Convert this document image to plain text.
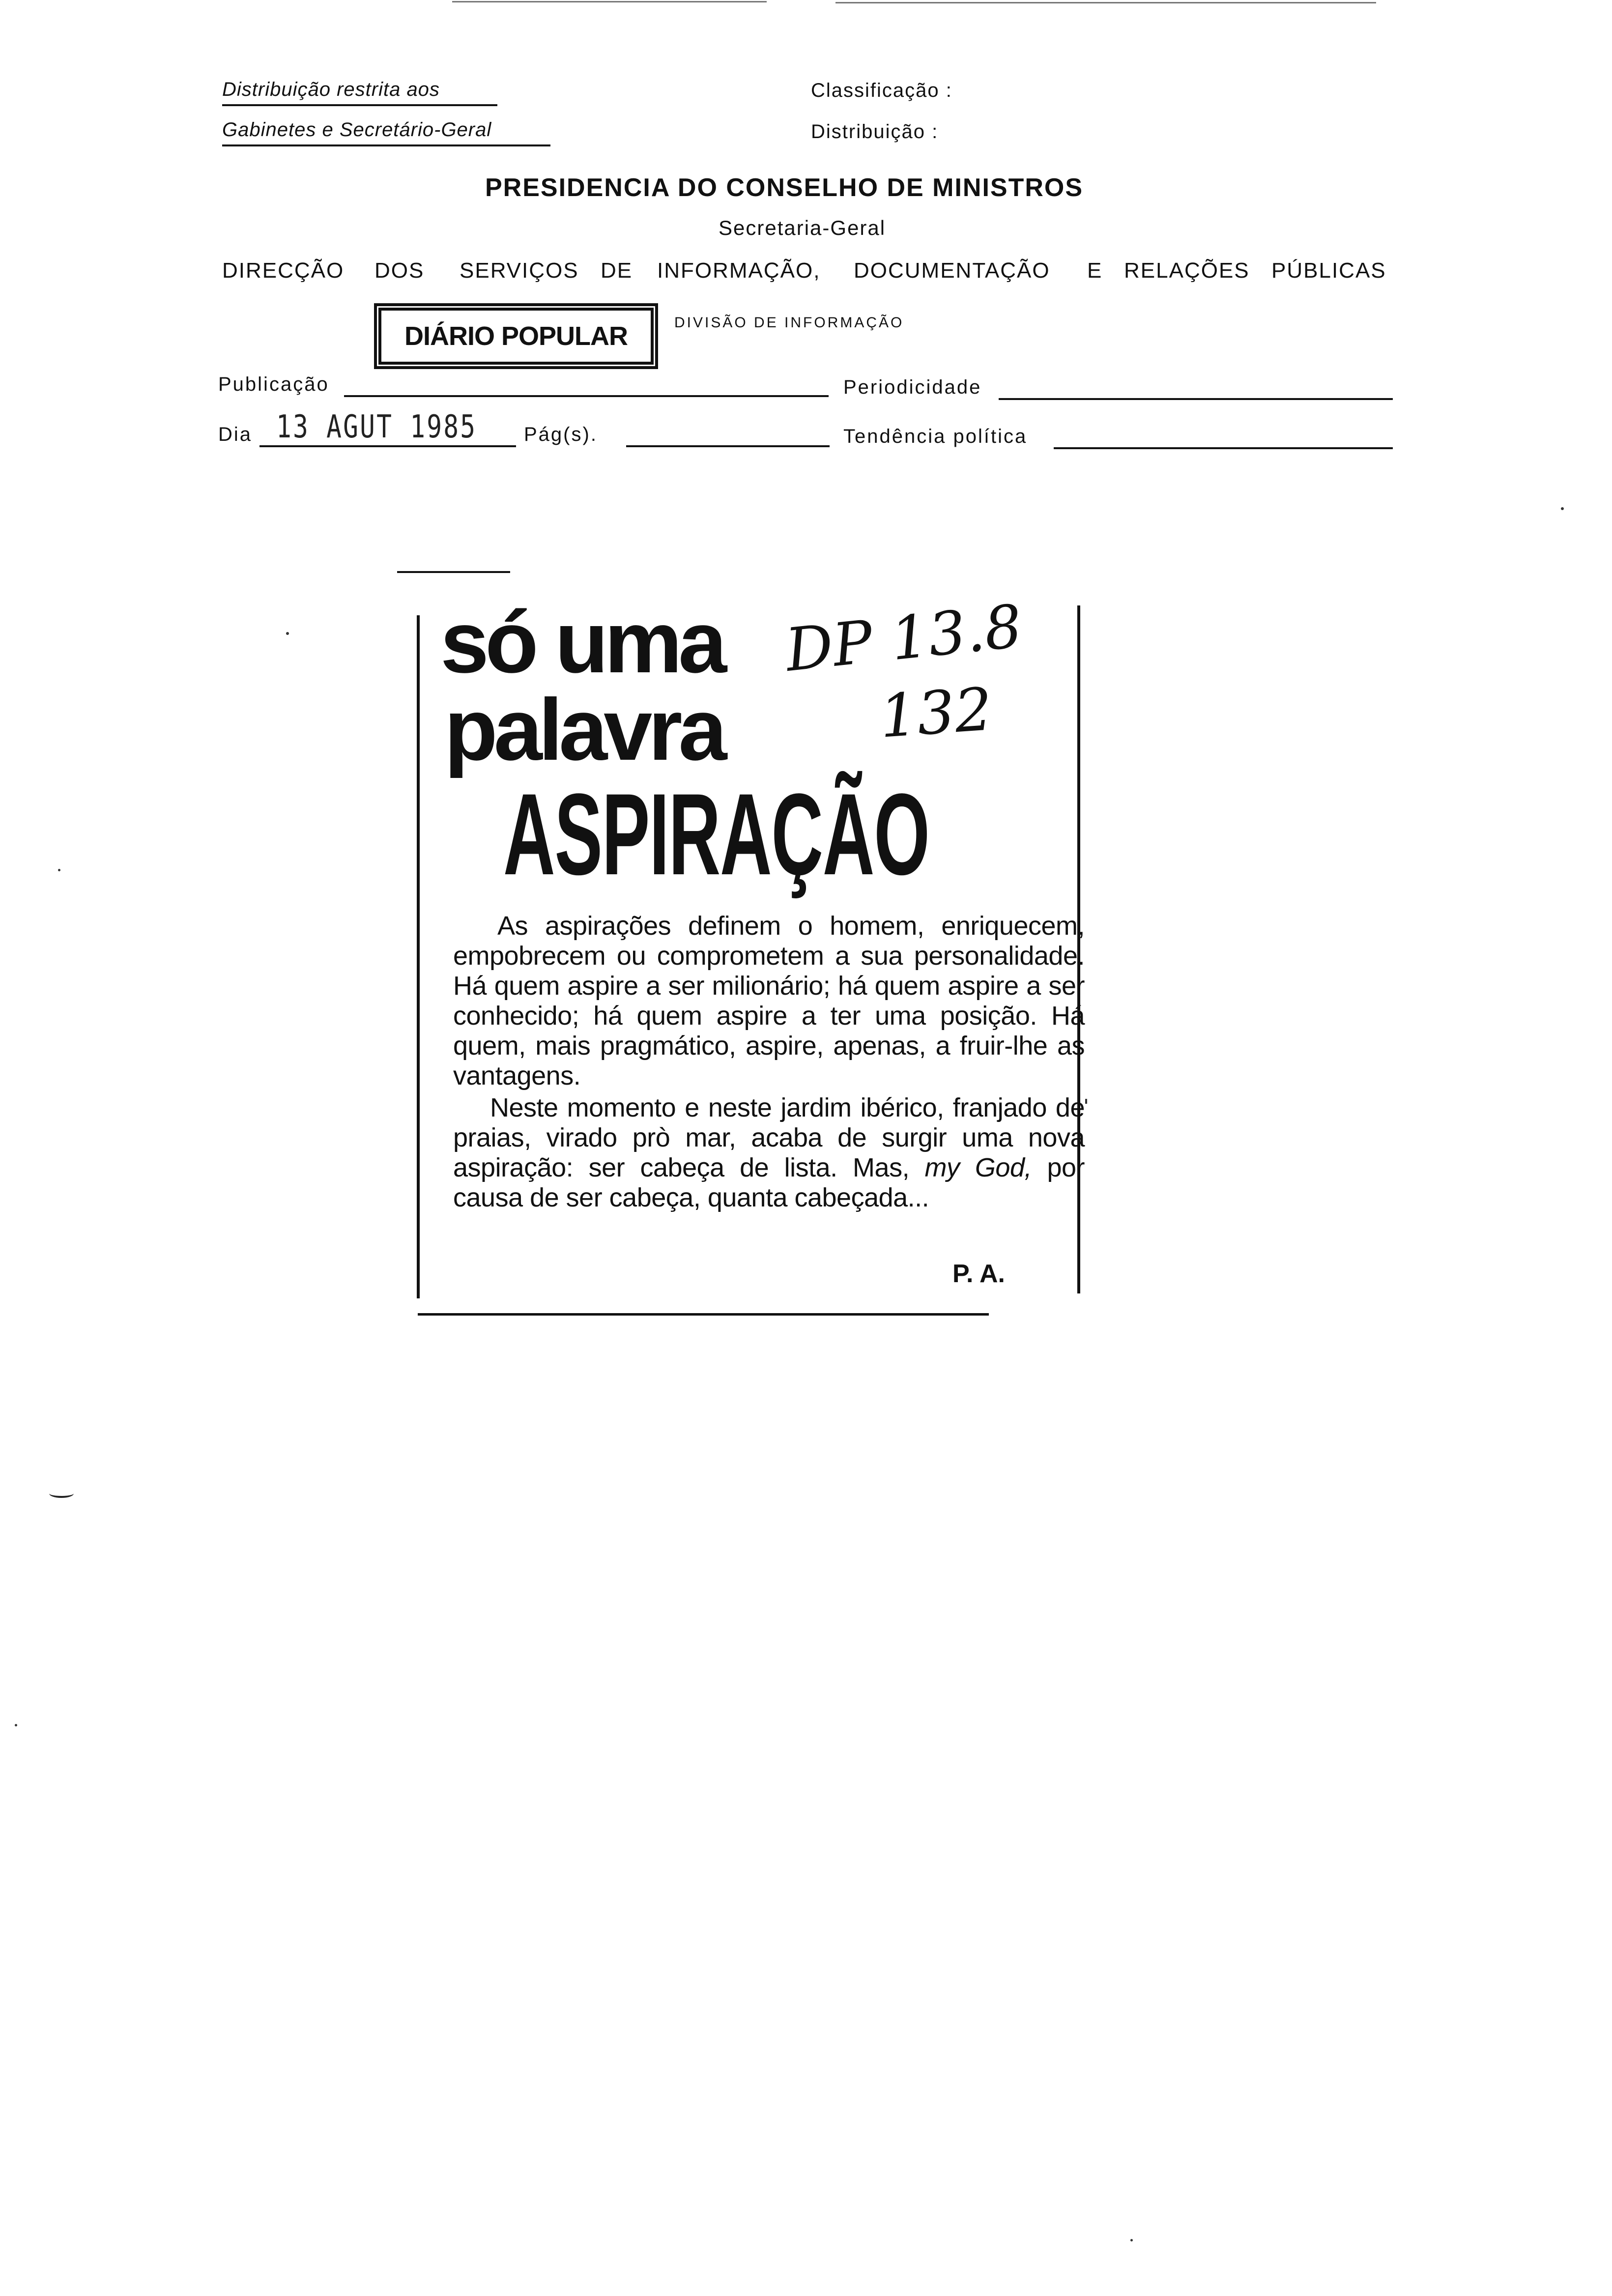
Distribuição restrita aos
Gabinetes e Secretário-Geral
Classificação :
Distribuição :
PRESIDENCIA DO CONSELHO DE MINISTROS
Secretaria-Geral
DIRECÇÃO DOS SERVIÇOS DE INFORMAÇÃO, DOCUMENTAÇÃO E RELAÇÕES PÚBLICAS
DIÁRIO POPULAR	DIVISÃO DE INFORMAÇÃO
Publicação	Periodicidade
Dia 13 AGUT 1985 Pág(s).	Tendência política
só uma
palavra
ASPIRAÇÃO
DP 13.8
132

As aspirações definem o homem, enriquecem, empobrecem ou comprometem a sua personalidade. Há quem aspire a ser milionário; há quem aspire a ser conhecido; há quem aspire a ter uma posição. Há quem, mais pragmático, aspire, apenas, a fruir-lhe as vantagens.

Neste momento e neste jardim ibérico, franjado de praias, virado prò mar, acaba de surgir uma nova aspiração: ser cabeça de lista. Mas, my God, por causa de ser cabeça, quanta cabeçada...

P. A.
